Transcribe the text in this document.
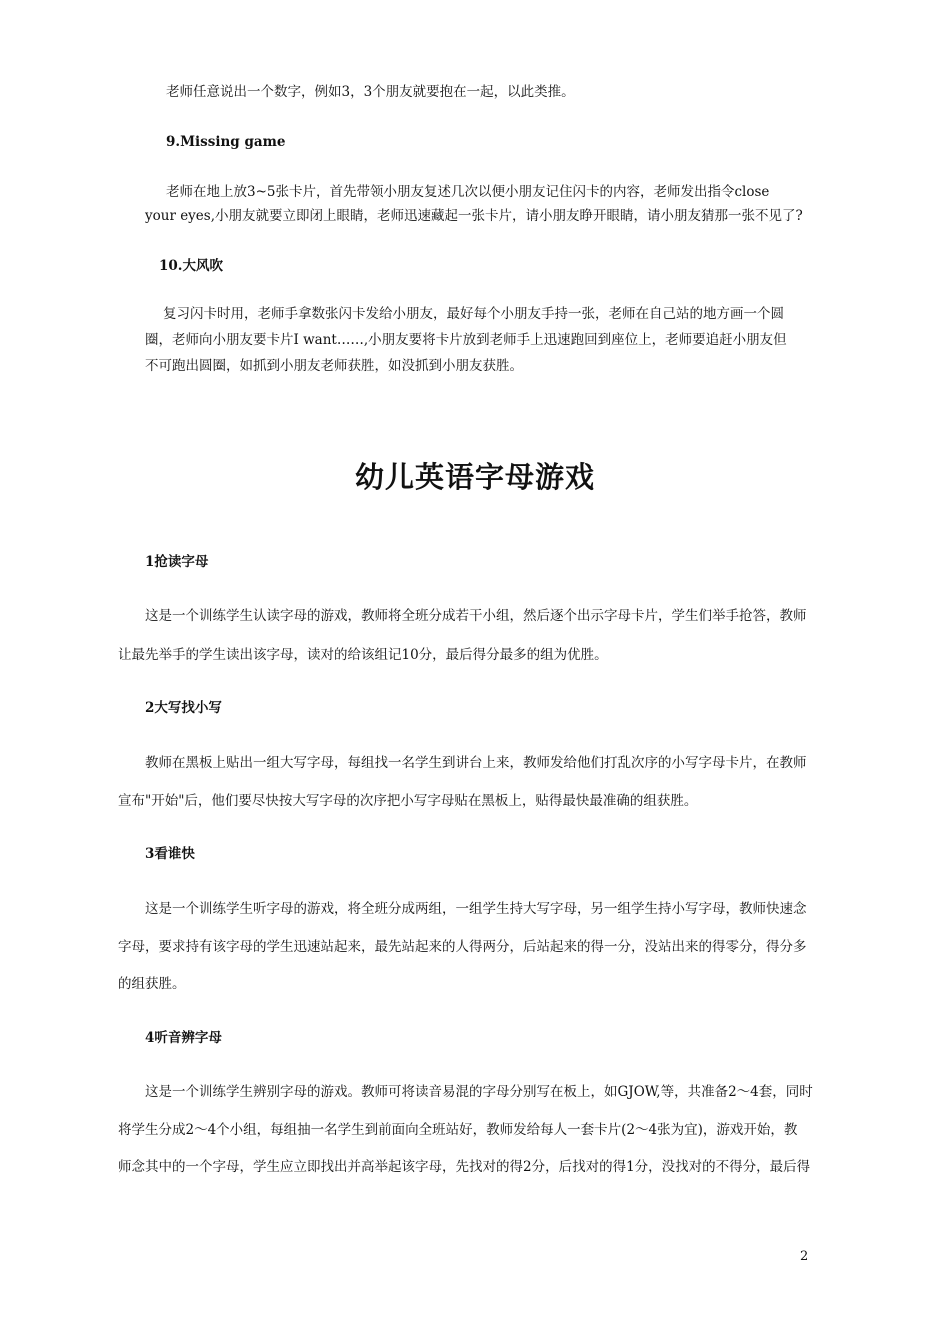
老师任意说出一个数字，例如3，3个朋友就要抱在一起，以此类推。
9.Missing game
老师在地上放3~5张卡片，首先带领小朋友复述几次以便小朋友记住闪卡的内容，老师发出指令close
your eyes,小朋友就要立即闭上眼睛，老师迅速藏起一张卡片，请小朋友睁开眼睛，请小朋友猜那一张不见了?
10.大风吹
复习闪卡时用，老师手拿数张闪卡发给小朋友，最好每个小朋友手持一张，老师在自己站的地方画一个圆
圈，老师向小朋友要卡片I want……,小朋友要将卡片放到老师手上迅速跑回到座位上，老师要追赶小朋友但
不可跑出圆圈，如抓到小朋友老师获胜，如没抓到小朋友获胜。
幼儿英语字母游戏
1抢读字母
这是一个训练学生认读字母的游戏，教师将全班分成若干小组，然后逐个出示字母卡片，学生们举手抢答，教师
让最先举手的学生读出该字母，读对的给该组记10分，最后得分最多的组为优胜。
2大写找小写
教师在黑板上贴出一组大写字母，每组找一名学生到讲台上来，教师发给他们打乱次序的小写字母卡片，在教师
宣布"开始"后，他们要尽快按大写字母的次序把小写字母贴在黑板上，贴得最快最准确的组获胜。
3看谁快
这是一个训练学生听字母的游戏，将全班分成两组，一组学生持大写字母，另一组学生持小写字母，教师快速念
字母，要求持有该字母的学生迅速站起来，最先站起来的人得两分，后站起来的得一分，没站出来的得零分，得分多
的组获胜。
4听音辨字母
这是一个训练学生辨别字母的游戏。教师可将读音易混的字母分别写在板上，如GJOW,等，共准备2～4套，同时
将学生分成2～4个小组，每组抽一名学生到前面向全班站好，教师发给每人一套卡片(2～4张为宜)，游戏开始，教
师念其中的一个字母，学生应立即找出并高举起该字母，先找对的得2分，后找对的得1分，没找对的不得分，最后得
2
